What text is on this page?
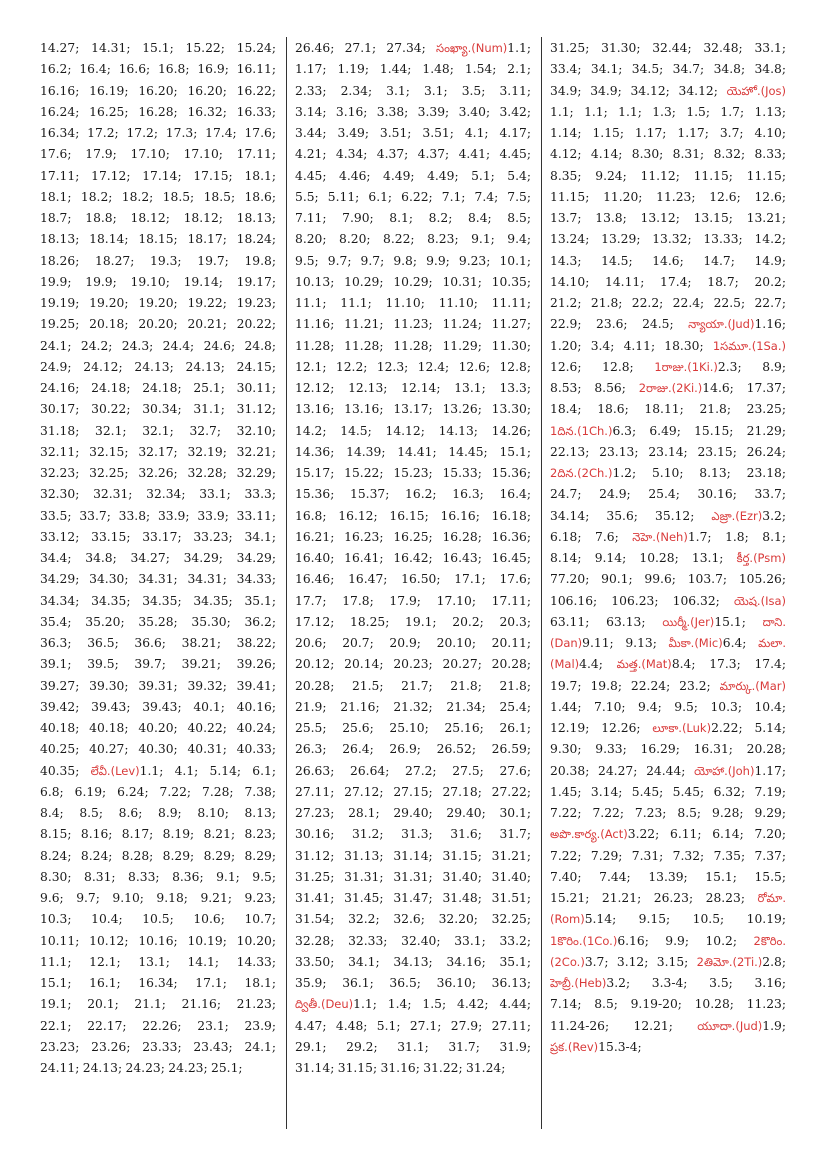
14.27; 14.31; 15.1; 15.22; 15.24;
16.2; 16.4; 16.6; 16.8; 16.9; 16.11;
16.16; 16.19; 16.20; 16.20; 16.22;
16.24; 16.25; 16.28; 16.32; 16.33;
16.34; 17.2; 17.2; 17.3; 17.4; 17.6;
17.6; 17.9; 17.10; 17.10; 17.11;
17.11; 17.12; 17.14; 17.15; 18.1;
18.1; 18.2; 18.2; 18.5; 18.5; 18.6;
18.7; 18.8; 18.12; 18.12; 18.13;
18.13; 18.14; 18.15; 18.17; 18.24;
18.26; 18.27; 19.3; 19.7; 19.8;
19.9; 19.9; 19.10; 19.14; 19.17;
19.19; 19.20; 19.20; 19.22; 19.23;
19.25; 20.18; 20.20; 20.21; 20.22;
24.1; 24.2; 24.3; 24.4; 24.6; 24.8;
24.9; 24.12; 24.13; 24.13; 24.15;
24.16; 24.18; 24.18; 25.1; 30.11;
30.17; 30.22; 30.34; 31.1; 31.12;
31.18; 32.1; 32.1; 32.7; 32.10;
32.11; 32.15; 32.17; 32.19; 32.21;
32.23; 32.25; 32.26; 32.28; 32.29;
32.30; 32.31; 32.34; 33.1; 33.3;
33.5; 33.7; 33.8; 33.9; 33.9; 33.11;
33.12; 33.15; 33.17; 33.23; 34.1;
34.4; 34.8; 34.27; 34.29; 34.29;
34.29; 34.30; 34.31; 34.31; 34.33;
34.34; 34.35; 34.35; 34.35; 35.1;
35.4; 35.20; 35.28; 35.30; 36.2;
36.3; 36.5; 36.6; 38.21; 38.22;
39.1; 39.5; 39.7; 39.21; 39.26;
39.27; 39.30; 39.31; 39.32; 39.41;
39.42; 39.43; 39.43; 40.1; 40.16;
40.18; 40.18; 40.20; 40.22; 40.24;
40.25; 40.27; 40.30; 40.31; 40.33;
40.35; లేవీ.(Lev)1.1; 4.1; 5.14; 6.1;
6.8; 6.19; 6.24; 7.22; 7.28; 7.38;
8.4; 8.5; 8.6; 8.9; 8.10; 8.13;
8.15; 8.16; 8.17; 8.19; 8.21; 8.23;
8.24; 8.24; 8.28; 8.29; 8.29; 8.29;
8.30; 8.31; 8.33; 8.36; 9.1; 9.5;
9.6; 9.7; 9.10; 9.18; 9.21; 9.23;
10.3; 10.4; 10.5; 10.6; 10.7;
10.11; 10.12; 10.16; 10.19; 10.20;
11.1; 12.1; 13.1; 14.1; 14.33;
15.1; 16.1; 16.34; 17.1; 18.1;
19.1; 20.1; 21.1; 21.16; 21.23;
22.1; 22.17; 22.26; 23.1; 23.9;
23.23; 23.26; 23.33; 23.43; 24.1;
24.11; 24.13; 24.23; 24.23; 25.1;
26.46; 27.1; 27.34; సంఖ్యా.(Num)1.1;
1.17; 1.19; 1.44; 1.48; 1.54; 2.1;
2.33; 2.34; 3.1; 3.1; 3.5; 3.11;
3.14; 3.16; 3.38; 3.39; 3.40; 3.42;
3.44; 3.49; 3.51; 3.51; 4.1; 4.17;
4.21; 4.34; 4.37; 4.37; 4.41; 4.45;
4.45; 4.46; 4.49; 4.49; 5.1; 5.4;
5.5; 5.11; 6.1; 6.22; 7.1; 7.4; 7.5;
7.11; 7.90; 8.1; 8.2; 8.4; 8.5;
8.20; 8.20; 8.22; 8.23; 9.1; 9.4;
9.5; 9.7; 9.7; 9.8; 9.9; 9.23; 10.1;
10.13; 10.29; 10.29; 10.31; 10.35;
11.1; 11.1; 11.10; 11.10; 11.11;
11.16; 11.21; 11.23; 11.24; 11.27;
11.28; 11.28; 11.28; 11.29; 11.30;
12.1; 12.2; 12.3; 12.4; 12.6; 12.8;
12.12; 12.13; 12.14; 13.1; 13.3;
13.16; 13.16; 13.17; 13.26; 13.30;
14.2; 14.5; 14.12; 14.13; 14.26;
14.36; 14.39; 14.41; 14.45; 15.1;
15.17; 15.22; 15.23; 15.33; 15.36;
15.36; 15.37; 16.2; 16.3; 16.4;
16.8; 16.12; 16.15; 16.16; 16.18;
16.21; 16.23; 16.25; 16.28; 16.36;
16.40; 16.41; 16.42; 16.43; 16.45;
16.46; 16.47; 16.50; 17.1; 17.6;
17.7; 17.8; 17.9; 17.10; 17.11;
17.12; 18.25; 19.1; 20.2; 20.3;
20.6; 20.7; 20.9; 20.10; 20.11;
20.12; 20.14; 20.23; 20.27; 20.28;
20.28; 21.5; 21.7; 21.8; 21.8;
21.9; 21.16; 21.32; 21.34; 25.4;
25.5; 25.6; 25.10; 25.16; 26.1;
26.3; 26.4; 26.9; 26.52; 26.59;
26.63; 26.64; 27.2; 27.5; 27.6;
27.11; 27.12; 27.15; 27.18; 27.22;
27.23; 28.1; 29.40; 29.40; 30.1;
30.16; 31.2; 31.3; 31.6; 31.7;
31.12; 31.13; 31.14; 31.15; 31.21;
31.25; 31.31; 31.31; 31.40; 31.40;
31.41; 31.45; 31.47; 31.48; 31.51;
31.54; 32.2; 32.6; 32.20; 32.25;
32.28; 32.33; 32.40; 33.1; 33.2;
33.50; 34.1; 34.13; 34.16; 35.1;
35.9; 36.1; 36.5; 36.10; 36.13;
ద్వితీ.(Deu)1.1; 1.4; 1.5; 4.42; 4.44;
4.47; 4.48; 5.1; 27.1; 27.9; 27.11;
29.1; 29.2; 31.1; 31.7; 31.9;
31.14; 31.15; 31.16; 31.22; 31.24;
31.25; 31.30; 32.44; 32.48; 33.1;
33.4; 34.1; 34.5; 34.7; 34.8; 34.8;
34.9; 34.9; 34.12; 34.12; యెహో.(Jos)
1.1; 1.1; 1.1; 1.3; 1.5; 1.7; 1.13;
1.14; 1.15; 1.17; 1.17; 3.7; 4.10;
4.12; 4.14; 8.30; 8.31; 8.32; 8.33;
8.35; 9.24; 11.12; 11.15; 11.15;
11.15; 11.20; 11.23; 12.6; 12.6;
13.7; 13.8; 13.12; 13.15; 13.21;
13.24; 13.29; 13.32; 13.33; 14.2;
14.3; 14.5; 14.6; 14.7; 14.9;
14.10; 14.11; 17.4; 18.7; 20.2;
21.2; 21.8; 22.2; 22.4; 22.5; 22.7;
22.9; 23.6; 24.5; న్యాయా.(Jud)1.16;
1.20; 3.4; 4.11; 18.30; 1సమూ.(1Sa.)
12.6; 12.8; 1రాజు.(1Ki.)2.3; 8.9;
8.53; 8.56; 2రాజు.(2Ki.)14.6; 17.37;
18.4; 18.6; 18.11; 21.8; 23.25;
1దిన.(1Ch.)6.3; 6.49; 15.15; 21.29;
22.13; 23.13; 23.14; 23.15; 26.24;
2దిన.(2Ch.)1.2; 5.10; 8.13; 23.18;
24.7; 24.9; 25.4; 30.16; 33.7;
34.14; 35.6; 35.12; ఎజ్రా.(Ezr)3.2;
6.18; 7.6; నెహె.(Neh)1.7; 1.8; 8.1;
8.14; 9.14; 10.28; 13.1; కీర్త.(Psm)
77.20; 90.1; 99.6; 103.7; 105.26;
106.16; 106.23; 106.32; యెష.(Isa)
63.11; 63.13; యిర్మీ.(Jer)15.1; దాని.
(Dan)9.11; 9.13; మీకా.(Mic)6.4; మలా.
(Mal)4.4; మత్త.(Mat)8.4; 17.3; 17.4;
19.7; 19.8; 22.24; 23.2; మార్కు.(Mar)
1.44; 7.10; 9.4; 9.5; 10.3; 10.4;
12.19; 12.26; లూకా.(Luk)2.22; 5.14;
9.30; 9.33; 16.29; 16.31; 20.28;
20.38; 24.27; 24.44; యోహా.(Joh)1.17;
1.45; 3.14; 5.45; 5.45; 6.32; 7.19;
7.22; 7.22; 7.23; 8.5; 9.28; 9.29;
అపొ.కార్య.(Act)3.22; 6.11; 6.14; 7.20;
7.22; 7.29; 7.31; 7.32; 7.35; 7.37;
7.40; 7.44; 13.39; 15.1; 15.5;
15.21; 21.21; 26.23; 28.23; రోమా.
(Rom)5.14; 9.15; 10.5; 10.19;
1కొరిం.(1Co.)6.16; 9.9; 10.2; 2కొరిం.
(2Co.)3.7; 3.12; 3.15; 2తిమో.(2Ti.)2.8;
హెబ్రీ.(Heb)3.2; 3.3-4; 3.5; 3.16;
7.14; 8.5; 9.19-20; 10.28; 11.23;
11.24-26; 12.21; యూదా.(Jud)1.9;
ప్రక.(Rev)15.3-4;
